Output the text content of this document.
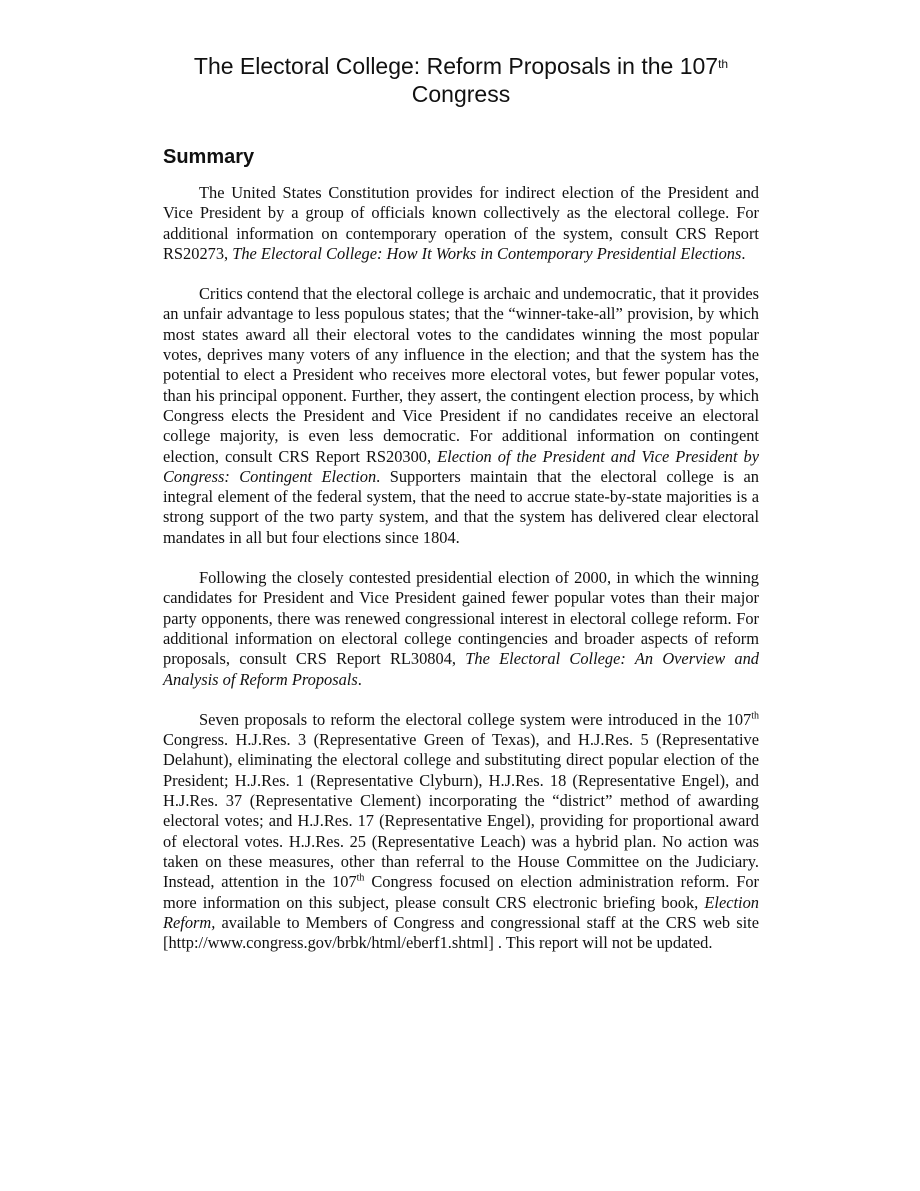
The Electoral College: Reform Proposals in the 107th
Congress
Summary

The United States Constitution provides for indirect election of the President and Vice President by a group of officials known collectively as the electoral college. For additional information on contemporary operation of the system, consult CRS Report RS20273, The Electoral College: How It Works in Contemporary Presidential Elections.

Critics contend that the electoral college is archaic and undemocratic, that it provides an unfair advantage to less populous states; that the “winner-take-all” provision, by which most states award all their electoral votes to the candidates winning the most popular votes, deprives many voters of any influence in the election; and that the system has the potential to elect a President who receives more electoral votes, but fewer popular votes, than his principal opponent. Further, they assert, the contingent election process, by which Congress elects the President and Vice President if no candidates receive an electoral college majority, is even less democratic. For additional information on contingent election, consult CRS Report RS20300, Election of the President and Vice President by Congress: Contingent Election. Supporters maintain that the electoral college is an integral element of the federal system, that the need to accrue state-by-state majorities is a strong support of the two party system, and that the system has delivered clear electoral mandates in all but four elections since 1804.

Following the closely contested presidential election of 2000, in which the winning candidates for President and Vice President gained fewer popular votes than their major party opponents, there was renewed congressional interest in electoral college reform. For additional information on electoral college contingencies and broader aspects of reform proposals, consult CRS Report RL30804, The Electoral College: An Overview and Analysis of Reform Proposals.

Seven proposals to reform the electoral college system were introduced in the 107th Congress. H.J.Res. 3 (Representative Green of Texas), and H.J.Res. 5 (Representative Delahunt), eliminating the electoral college and substituting direct popular election of the President; H.J.Res. 1 (Representative Clyburn), H.J.Res. 18 (Representative Engel), and H.J.Res. 37 (Representative Clement) incorporating the “district” method of awarding electoral votes; and H.J.Res. 17 (Representative Engel), providing for proportional award of electoral votes. H.J.Res. 25 (Representative Leach) was a hybrid plan. No action was taken on these measures, other than referral to the House Committee on the Judiciary. Instead, attention in the 107th Congress focused on election administration reform. For more information on this subject, please consult CRS electronic briefing book, Election Reform, available to Members of Congress and congressional staff at the CRS web site [http://www.congress.gov/brbk/html/eberf1.shtml] . This report will not be updated.
